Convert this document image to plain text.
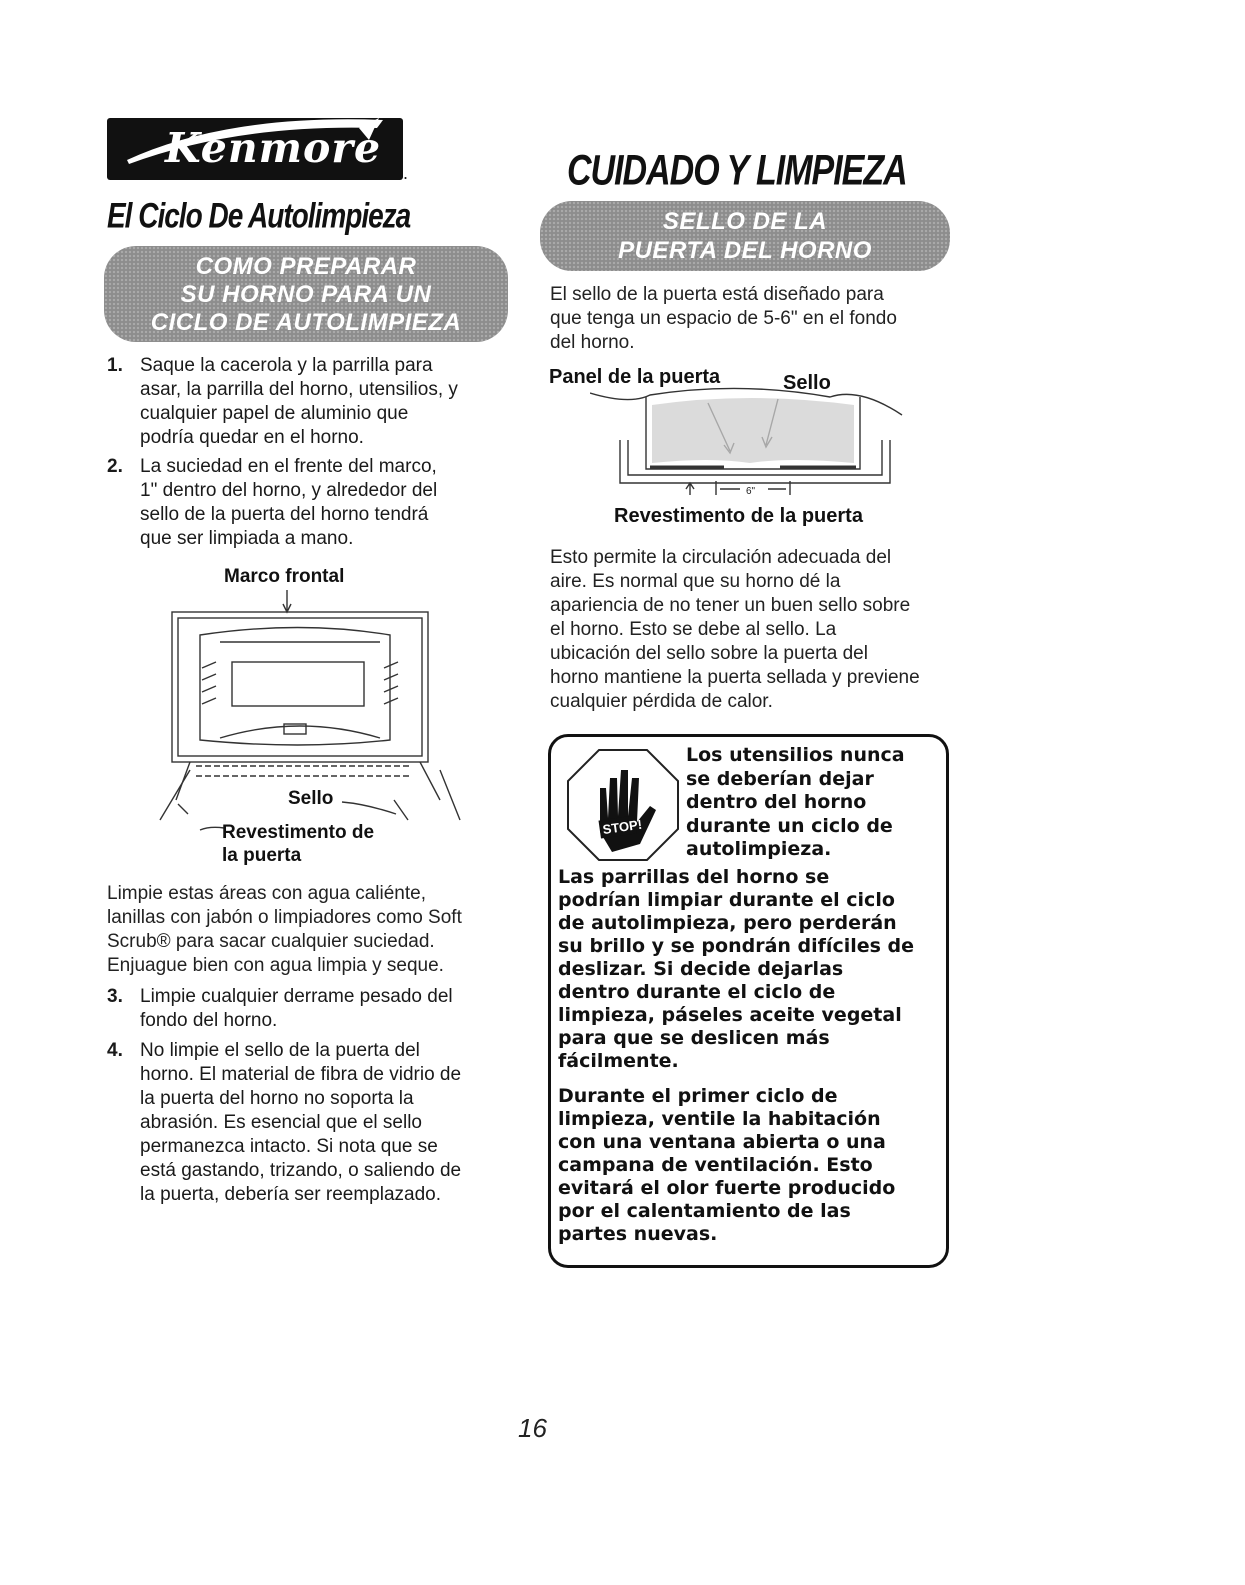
Kenmore
.
El Ciclo De Autolimpieza
COMO PREPARAR
SU HORNO PARA UN
CICLO DE AUTOLIMPIEZA
1. Saque la cacerola y la parrilla para
asar, la parrilla del horno, utensilios, y
cualquier papel de aluminio que
podría quedar en el horno.
2. La suciedad en el frente del marco,
1" dentro del horno, y alrededor del
sello de la puerta del horno tendrá
que ser limpiada a mano.
Marco frontal
Sello
Revestimento de
la puerta
Limpie estas áreas con agua caliénte,
lanillas con jabón o limpiadores como Soft
Scrub® para sacar cualquier suciedad.
Enjuague bien con agua limpia y seque.
3. Limpie cualquier derrame pesado del
fondo del horno.
4. No limpie el sello de la puerta del
horno. El material de fibra de vidrio de
la puerta del horno no soporta la
abrasión. Es esencial que el sello
permanezca intacto. Si nota que se
está gastando, trizando, o saliendo de
la puerta, debería ser reemplazado.
CUIDADO Y LIMPIEZA
SELLO DE LA
PUERTA DEL HORNO
El sello de la puerta está diseñado para
que tenga un espacio de 5-6" en el fondo
del horno.
Panel de la puerta	Sello
6"
Revestimento de la puerta
Esto permite la circulación adecuada del
aire. Es normal que su horno dé la
apariencia de no tener un buen sello sobre
el horno. Esto se debe al sello. La
ubicación del sello sobre la puerta del
horno mantiene la puerta sellada y previene
cualquier pérdida de calor.
STOP!
Los utensilios nunca
se deberían dejar
dentro del horno
durante un ciclo de
autolimpieza.
Las parrillas del horno se
podrían limpiar durante el ciclo
de autolimpieza, pero perderán
su brillo y se pondrán difíciles de
deslizar. Si decide dejarlas
dentro durante el ciclo de
limpieza, páseles aceite vegetal
para que se deslicen más
fácilmente.
Durante el primer ciclo de
limpieza, ventile la habitación
con una ventana abierta o una
campana de ventilación. Esto
evitará el olor fuerte producido
por el calentamiento de las
partes nuevas.
16
